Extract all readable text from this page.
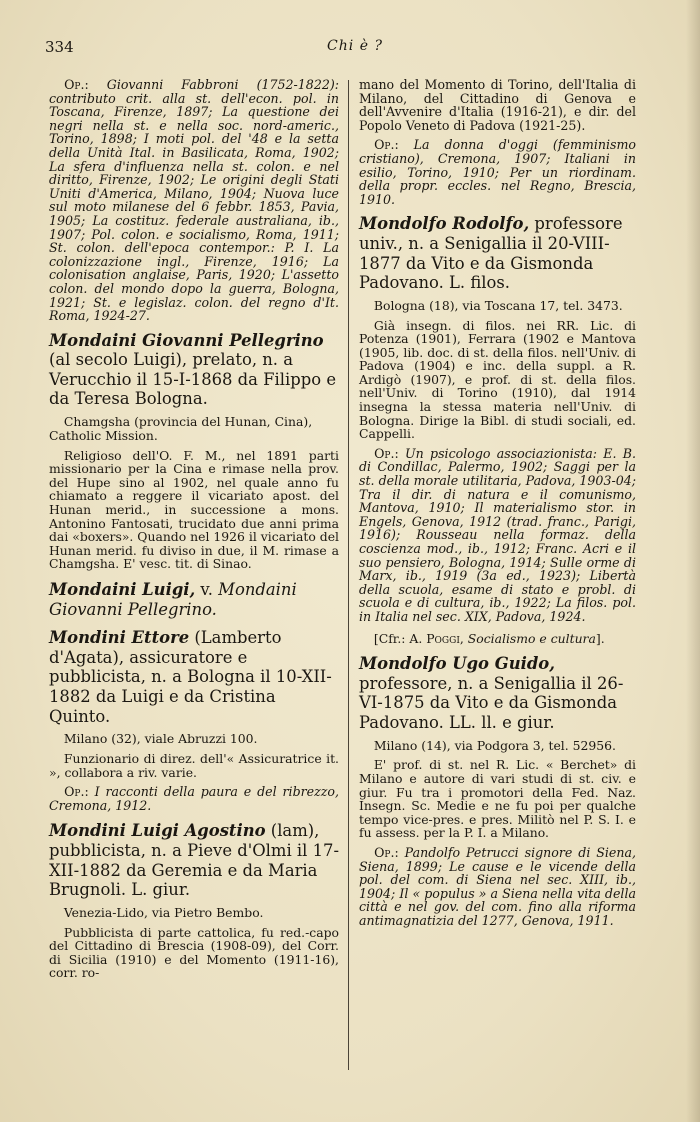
334	Chi è ?

Op.: Giovanni Fabbroni (1752-1822): contributo crit. alla st. dell'econ. pol. in Toscana, Firenze, 1897; La questione dei negri nella st. e nella soc. nord-americ., Torino, 1898; I moti pol. del '48 e la setta della Unità Ital. in Basilicata, Roma, 1902; La sfera d'influenza nella st. colon. e nel diritto, Firenze, 1902; Le origini degli Stati Uniti d'America, Milano, 1904; Nuova luce sul moto milanese del 6 febbr. 1853, Pavia, 1905; La costituz. federale australiana, ib., 1907; Pol. colon. e socialismo, Roma, 1911; St. colon. dell'epoca contempor.: P. I. La colonizzazione ingl., Firenze, 1916; La colonisation anglaise, Paris, 1920; L'assetto colon. del mondo dopo la guerra, Bologna, 1921; St. e legislaz. colon. del regno d'It. Roma, 1924-27.

Mondaini Giovanni Pellegrino (al secolo Luigi), prelato, n. a Verucchio il 15-I-1868 da Filippo e da Teresa Bologna.

Chamgsha (provincia del Hunan, Cina), Catholic Mission.

Religioso dell'O. F. M., nel 1891 parti missionario per la Cina e rimase nella prov. del Hupe sino al 1902, nel quale anno fu chiamato a reggere il vicariato apost. del Hunan merid., in successione a mons. Antonino Fantosati, trucidato due anni prima dai «boxers». Quando nel 1926 il vicariato del Hunan merid. fu diviso in due, il M. rimase a Chamgsha. E' vesc. tit. di Sinao.

Mondaini Luigi, v. Mondaini Giovanni Pellegrino.

Mondini Ettore (Lamberto d'Agata), assicuratore e pubblicista, n. a Bologna il 10-XII-1882 da Luigi e da Cristina Quinto.

Milano (32), viale Abruzzi 100.

Funzionario di direz. dell'« Assicuratrice it. », collabora a riv. varie.

Op.: I racconti della paura e del ribrezzo, Cremona, 1912.

Mondini Luigi Agostino (lam), pubblicista, n. a Pieve d'Olmi il 17-XII-1882 da Geremia e da Maria Brugnoli. L. giur.

Venezia-Lido, via Pietro Bembo.

Pubblicista di parte cattolica, fu red.-capo del Cittadino di Brescia (1908-09), del Corr. di Sicilia (1910) e del Momento (1911-16), corr. ro-

mano del Momento di Torino, dell'Italia di Milano, del Cittadino di Genova e dell'Avvenire d'Italia (1916-21), e dir. del Popolo Veneto di Padova (1921-25).

Op.: La donna d'oggi (femminismo cristiano), Cremona, 1907; Italiani in esilio, Torino, 1910; Per un riordinam. della propr. eccles. nel Regno, Brescia, 1910.

Mondolfo Rodolfo, professore univ., n. a Senigallia il 20-VIII-1877 da Vito e da Gismonda Padovano. L. filos.

Bologna (18), via Toscana 17, tel. 3473.

Già insegn. di filos. nei RR. Lic. di Potenza (1901), Ferrara (1902 e Mantova (1905, lib. doc. di st. della filos. nell'Univ. di Padova (1904) e inc. della suppl. a R. Ardigò (1907), e prof. di st. della filos. nell'Univ. di Torino (1910), dal 1914 insegna la stessa materia nell'Univ. di Bologna. Dirige la Bibl. di studi sociali, ed. Cappelli.

Op.: Un psicologo associazionista: E. B. di Condillac, Palermo, 1902; Saggi per la st. della morale utilitaria, Padova, 1903-04; Tra il dir. di natura e il comunismo, Mantova, 1910; Il materialismo stor. in Engels, Genova, 1912 (trad. franc., Parigi, 1916); Rousseau nella formaz. della coscienza mod., ib., 1912; Franc. Acri e il suo pensiero, Bologna, 1914; Sulle orme di Marx, ib., 1919 (3a ed., 1923); Libertà della scuola, esame di stato e probl. di scuola e di cultura, ib., 1922; La filos. pol. in Italia nel sec. XIX, Padova, 1924.

[Cfr.: A. Poggi, Socialismo e cultura].

Mondolfo Ugo Guido, professore, n. a Senigallia il 26-VI-1875 da Vito e da Gismonda Padovano. LL. ll. e giur.

Milano (14), via Podgora 3, tel. 52956.

E' prof. di st. nel R. Lic. « Berchet» di Milano e autore di vari studi di st. civ. e giur. Fu tra i promotori della Fed. Naz. Insegn. Sc. Medie e ne fu poi per qualche tempo vice-pres. e pres. Militò nel P. S. I. e fu assess. per la P. I. a Milano.

Op.: Pandolfo Petrucci signore di Siena, Siena, 1899; Le cause e le vicende della pol. del com. di Siena nel sec. XIII, ib., 1904; Il « populus » a Siena nella vita della città e nel gov. del com. fino alla riforma antimagnatizia del 1277, Genova, 1911.
